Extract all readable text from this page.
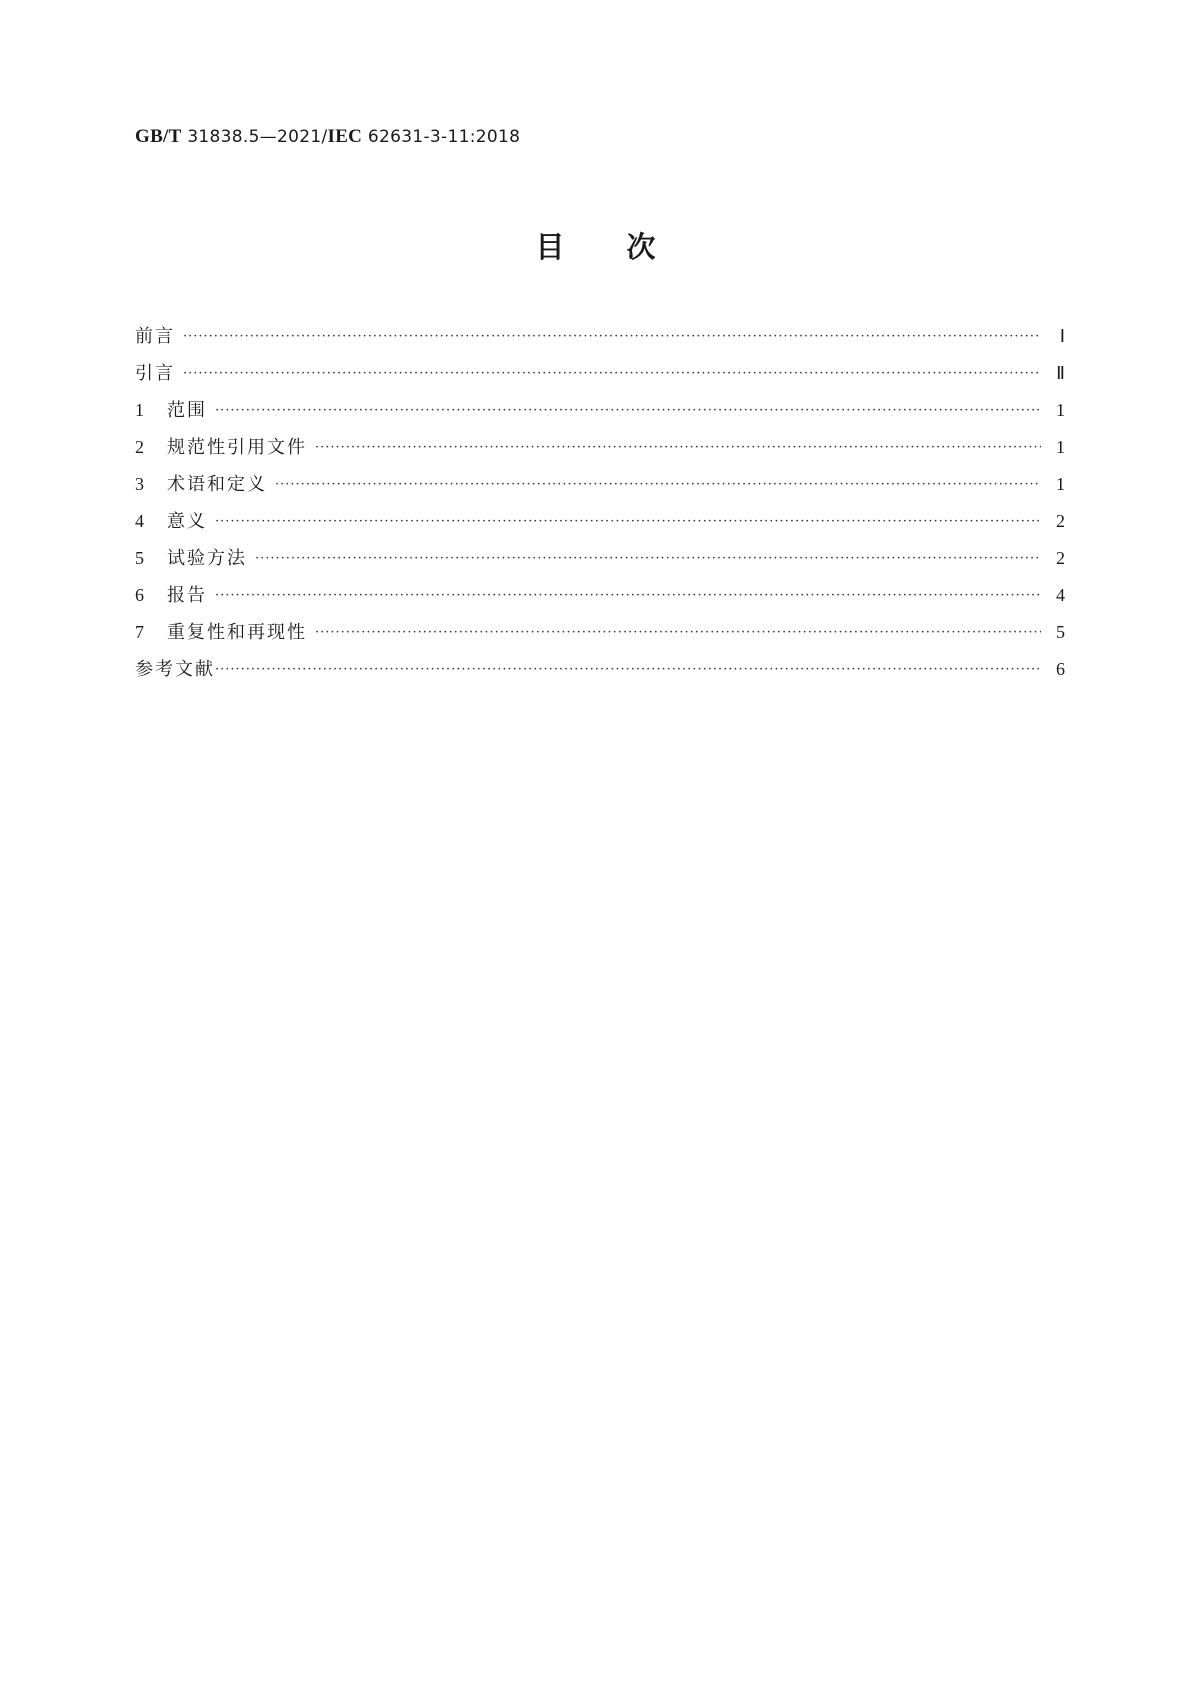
GB/T 31838.5—2021/IEC 62631-3-11:2018
目次
前言 ·····	Ⅰ
引言 ·····	Ⅱ
1	范围 ·····	1
2	规范性引用文件 ·····	1
3	术语和定义 ·····	1
4	意义 ·····	2
5	试验方法 ·····	2
6	报告 ·····	4
7	重复性和再现性 ·····	5
参考文献 ·····	6
